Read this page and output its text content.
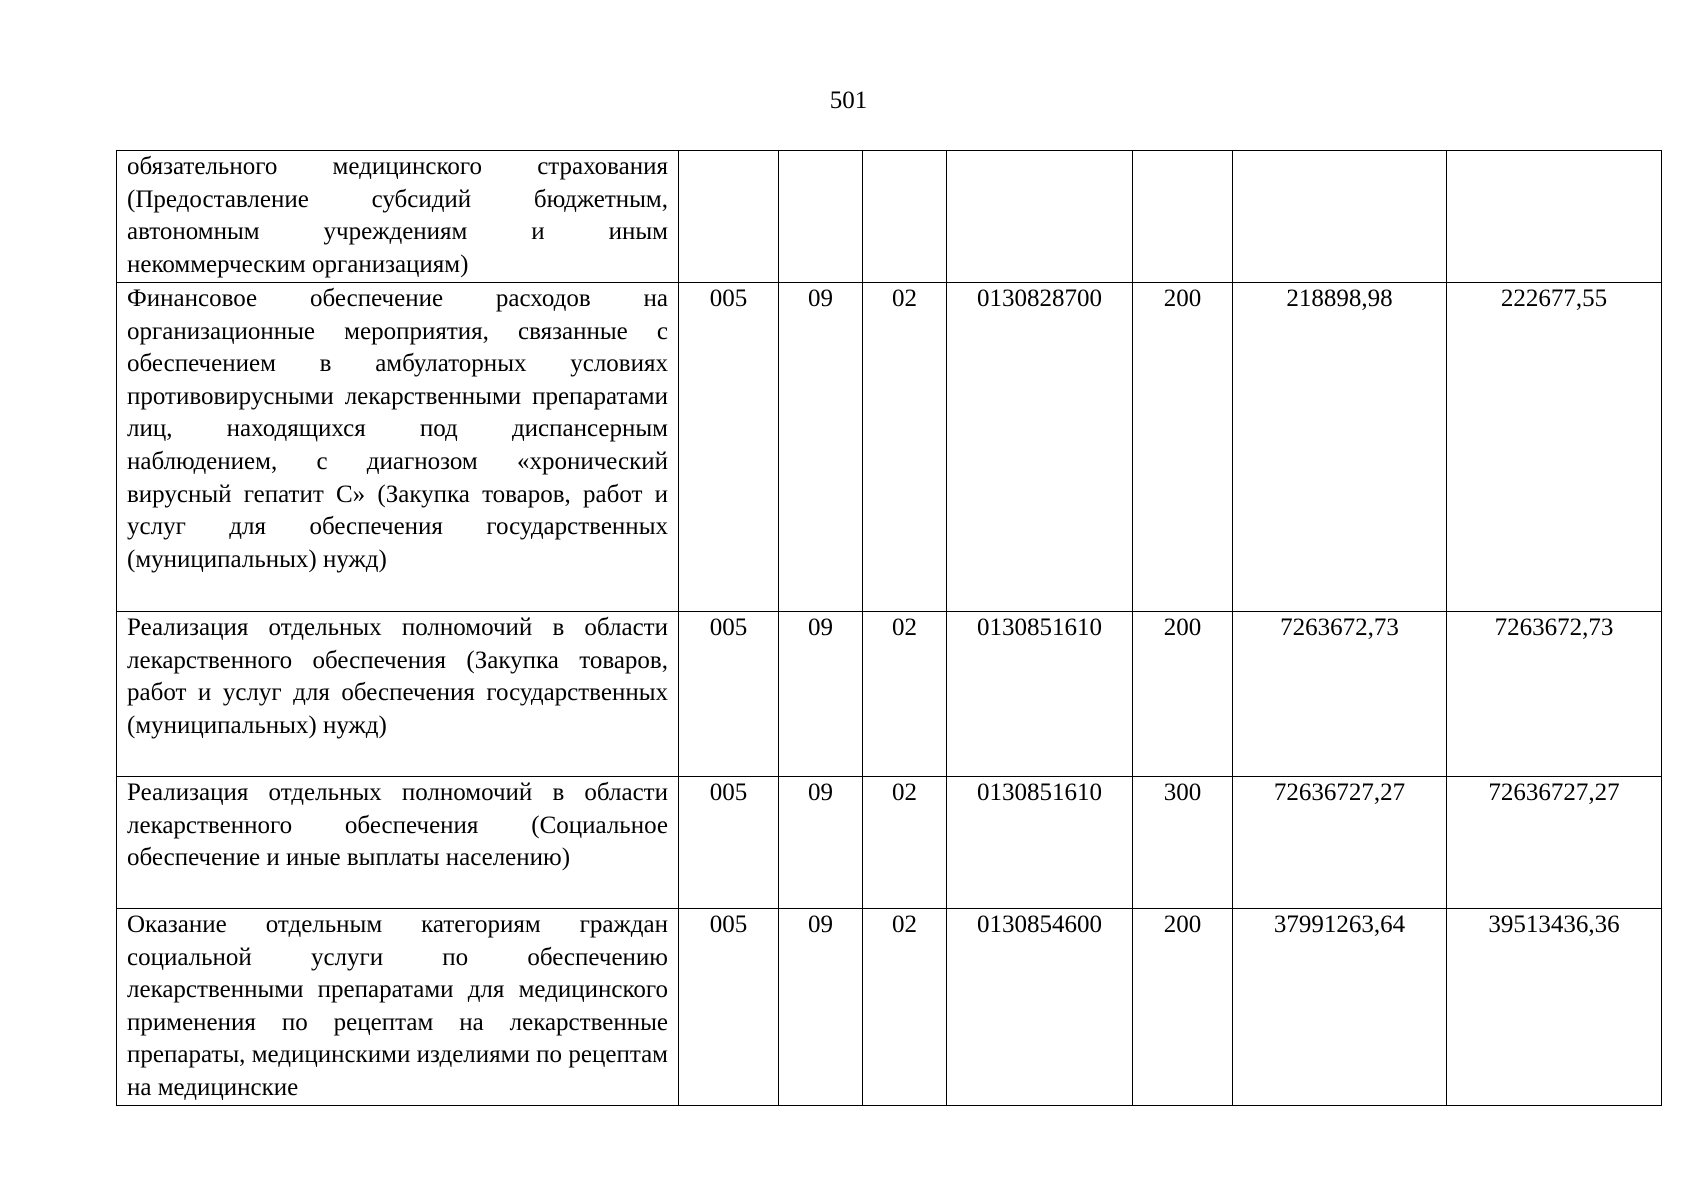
501
обязательного медицинского страхования (Предоставление субсидий бюджетным, автономным учреждениям и иным некоммерческим организациям)							
Финансовое обеспечение расходов на организационные мероприятия, связанные с обеспечением в амбулаторных условиях противовирусными лекарственными препаратами лиц, находящихся под диспансерным наблюдением, с диагнозом «хронический вирусный гепатит С» (Закупка товаров, работ и услуг для обеспечения государственных (муниципальных) нужд)	005	09	02	0130828700	200	218898,98	222677,55
Реализация отдельных полномочий в области лекарственного обеспечения (Закупка товаров, работ и услуг для обеспечения государственных (муниципальных) нужд)	005	09	02	0130851610	200	7263672,73	7263672,73
Реализация отдельных полномочий в области лекарственного обеспечения (Социальное обеспечение и иные выплаты населению)	005	09	02	0130851610	300	72636727,27	72636727,27
Оказание отдельным категориям граждан социальной услуги по обеспечению лекарственными препаратами для медицинского применения по рецептам на лекарственные препараты, медицинскими изделиями по рецептам на медицинские	005	09	02	0130854600	200	37991263,64	39513436,36
